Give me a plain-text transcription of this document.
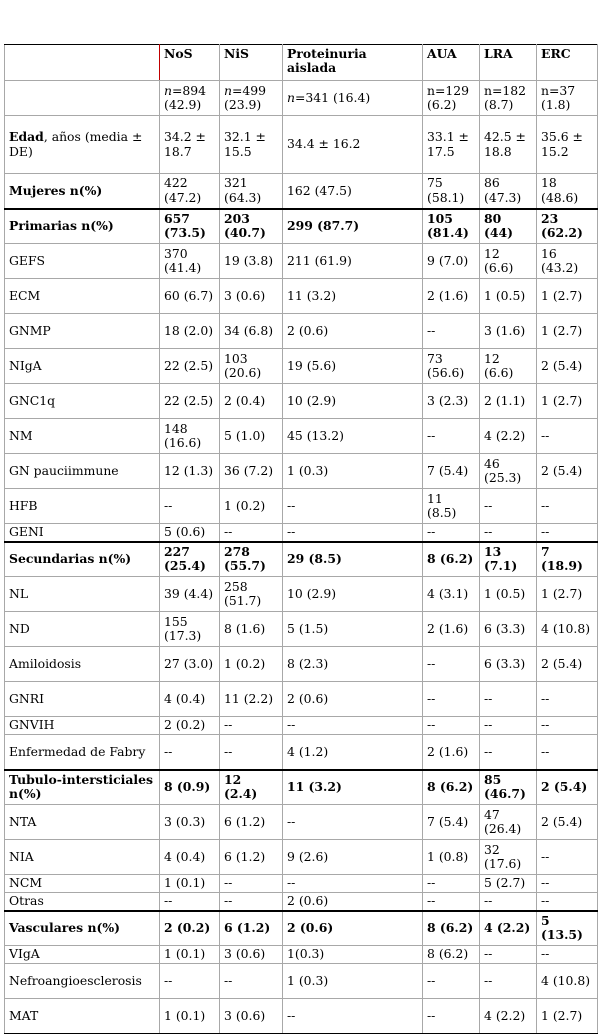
	NoS	NiS	Proteinuria aislada	AUA	LRA	ERC
	n=894 (42.9)	n=499 (23.9)	n=341 (16.4)	n=129 (6.2)	n=182 (8.7)	n=37 (1.8)
Edad, años (media ± DE)	34.2 ± 18.7	32.1 ± 15.5	34.4 ± 16.2	33.1 ± 17.5	42.5 ± 18.8	35.6 ± 15.2
Mujeres n(%)	422 (47.2)	321 (64.3)	162 (47.5)	75 (58.1)	86 (47.3)	18 (48.6)
Primarias n(%)	657 (73.5)	203 (40.7)	299 (87.7)	105 (81.4)	80 (44)	23 (62.2)
GEFS	370 (41.4)	19 (3.8)	211 (61.9)	9 (7.0)	12 (6.6)	16 (43.2)
ECM	60 (6.7)	3 (0.6)	11 (3.2)	2 (1.6)	1 (0.5)	1 (2.7)
GNMP	18 (2.0)	34 (6.8)	2 (0.6)	--	3 (1.6)	1 (2.7)
NIgA	22 (2.5)	103 (20.6)	19 (5.6)	73 (56.6)	12 (6.6)	2 (5.4)
GNC1q	22 (2.5)	2 (0.4)	10 (2.9)	3 (2.3)	2 (1.1)	1 (2.7)
NM	148 (16.6)	5 (1.0)	45 (13.2)	--	4 (2.2)	--
GN pauciimmune	12 (1.3)	36 (7.2)	1 (0.3)	7 (5.4)	46 (25.3)	2 (5.4)
HFB	--	1 (0.2)	--	11 (8.5)	--	--
GENI	5 (0.6)	--	--	--	--	--
Secundarias n(%)	227 (25.4)	278 (55.7)	29 (8.5)	8 (6.2)	13 (7.1)	7 (18.9)
NL	39 (4.4)	258 (51.7)	10 (2.9)	4 (3.1)	1 (0.5)	1 (2.7)
ND	155 (17.3)	8 (1.6)	5 (1.5)	2 (1.6)	6 (3.3)	4 (10.8)
Amiloidosis	27 (3.0)	1 (0.2)	8 (2.3)	--	6 (3.3)	2 (5.4)
GNRI	4 (0.4)	11 (2.2)	2 (0.6)	--	--	--
GNVIH	2 (0.2)	--	--	--	--	--
Enfermedad de Fabry	--	--	4 (1.2)	2 (1.6)	--	--
Tubulo-intersticiales n(%)	8 (0.9)	12 (2.4)	11 (3.2)	8 (6.2)	85 (46.7)	2 (5.4)
NTA	3 (0.3)	6 (1.2)	--	7 (5.4)	47 (26.4)	2 (5.4)
NIA	4 (0.4)	6 (1.2)	9 (2.6)	1 (0.8)	32 (17.6)	--
NCM	1 (0.1)	--	--	--	5 (2.7)	--
Otras	--	--	2 (0.6)	--	--	--
Vasculares n(%)	2 (0.2)	6 (1.2)	2 (0.6)	8 (6.2)	4 (2.2)	5 (13.5)
VIgA	1 (0.1)	3 (0.6)	1(0.3)	8 (6.2)	--	--
Nefroangioesclerosis	--	--	1 (0.3)	--	--	4 (10.8)
MAT	1 (0.1)	3 (0.6)	--	--	4 (2.2)	1 (2.7)
